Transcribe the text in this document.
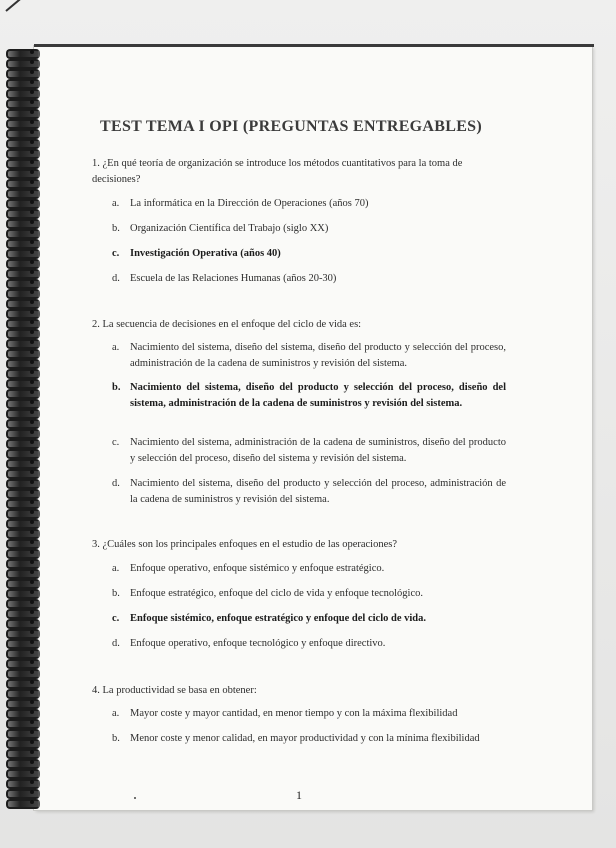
TEST TEMA I OPI (PREGUNTAS ENTREGABLES)
1. ¿En qué teoría de organización se introduce los métodos cuantitativos para la toma de decisiones?
a.	La informática en la Dirección de Operaciones (años 70)
b. Organización Científica del Trabajo (siglo XX)
c.	Investigación Operativa (años 40)
d. Escuela de las Relaciones Humanas (años 20-30)
2. La secuencia de decisiones en el enfoque del ciclo de vida es:
a.	Nacimiento del sistema, diseño del sistema, diseño del producto y selección del proceso, administración de la cadena de suministros y revisión del sistema.
b. Nacimiento del sistema, diseño del producto y selección del proceso, diseño del sistema, administración de la cadena de suministros y revisión del sistema.
c.	Nacimiento del sistema, administración de la cadena de suministros, diseño del producto y selección del proceso, diseño del sistema y revisión del sistema.
d. Nacimiento del sistema, diseño del producto y selección del proceso, administración de la cadena de suministros y revisión del sistema.
3. ¿Cuáles son los principales enfoques en el estudio de las operaciones?
a.	Enfoque operativo, enfoque sistémico y enfoque estratégico.
b. Enfoque estratégico, enfoque del ciclo de vida y enfoque tecnológico.
c.	Enfoque sistémico, enfoque estratégico y enfoque del ciclo de vida.
d. Enfoque operativo, enfoque tecnológico y enfoque directivo.
4. La productividad se basa en obtener:
a.	Mayor coste y mayor cantidad, en menor tiempo y con la máxima flexibilidad
b. Menor coste y menor calidad, en mayor productividad y con la mínima flexibilidad
1
